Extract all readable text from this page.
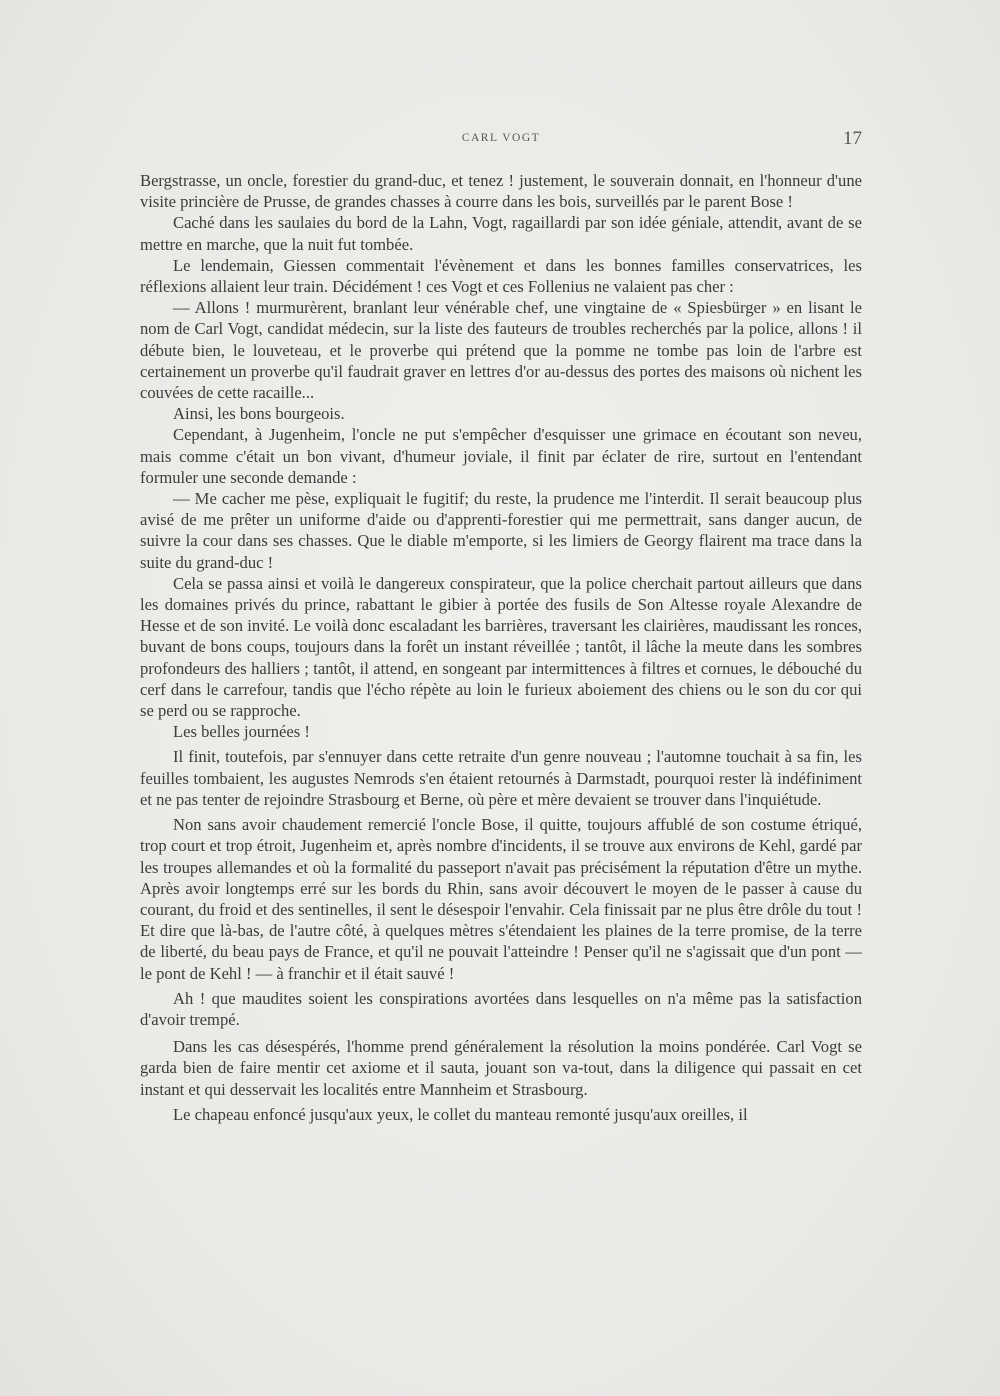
CARL VOGT	17

Bergstrasse, un oncle, forestier du grand-duc, et tenez ! justement, le souverain donnait, en l'honneur d'une visite princière de Prusse, de grandes chasses à courre dans les bois, surveillés par le parent Bose !

Caché dans les saulaies du bord de la Lahn, Vogt, ragaillardi par son idée géniale, attendit, avant de se mettre en marche, que la nuit fut tombée.

Le lendemain, Giessen commentait l'évènement et dans les bonnes familles conservatrices, les réflexions allaient leur train. Décidément ! ces Vogt et ces Follenius ne valaient pas cher :

— Allons ! murmurèrent, branlant leur vénérable chef, une vingtaine de « Spiesbürger » en lisant le nom de Carl Vogt, candidat médecin, sur la liste des fauteurs de troubles recherchés par la police, allons ! il débute bien, le louveteau, et le proverbe qui prétend que la pomme ne tombe pas loin de l'arbre est certainement un proverbe qu'il faudrait graver en lettres d'or au-dessus des portes des maisons où nichent les couvées de cette racaille...

Ainsi, les bons bourgeois.

Cependant, à Jugenheim, l'oncle ne put s'empêcher d'esquisser une grimace en écoutant son neveu, mais comme c'était un bon vivant, d'humeur joviale, il finit par éclater de rire, surtout en l'entendant formuler une seconde demande :

— Me cacher me pèse, expliquait le fugitif; du reste, la prudence me l'interdit. Il serait beaucoup plus avisé de me prêter un uniforme d'aide ou d'apprenti-forestier qui me permettrait, sans danger aucun, de suivre la cour dans ses chasses. Que le diable m'emporte, si les limiers de Georgy flairent ma trace dans la suite du grand-duc !

Cela se passa ainsi et voilà le dangereux conspirateur, que la police cherchait partout ailleurs que dans les domaines privés du prince, rabattant le gibier à portée des fusils de Son Altesse royale Alexandre de Hesse et de son invité. Le voilà donc escaladant les barrières, traversant les clairières, maudissant les ronces, buvant de bons coups, toujours dans la forêt un instant réveillée ; tantôt, il lâche la meute dans les sombres profondeurs des halliers ; tantôt, il attend, en songeant par intermittences à filtres et cornues, le débouché du cerf dans le carrefour, tandis que l'écho répète au loin le furieux aboiement des chiens ou le son du cor qui se perd ou se rapproche.

Les belles journées !

Il finit, toutefois, par s'ennuyer dans cette retraite d'un genre nouveau ; l'automne touchait à sa fin, les feuilles tombaient, les augustes Nemrods s'en étaient retournés à Darmstadt, pourquoi rester là indéfiniment et ne pas tenter de rejoindre Strasbourg et Berne, où père et mère devaient se trouver dans l'inquiétude.

Non sans avoir chaudement remercié l'oncle Bose, il quitte, toujours affublé de son costume étriqué, trop court et trop étroit, Jugenheim et, après nombre d'incidents, il se trouve aux environs de Kehl, gardé par les troupes allemandes et où la formalité du passeport n'avait pas précisément la réputation d'être un mythe. Après avoir longtemps erré sur les bords du Rhin, sans avoir découvert le moyen de le passer à cause du courant, du froid et des sentinelles, il sent le désespoir l'envahir. Cela finissait par ne plus être drôle du tout ! Et dire que là-bas, de l'autre côté, à quelques mètres s'étendaient les plaines de la terre promise, de la terre de liberté, du beau pays de France, et qu'il ne pouvait l'atteindre ! Penser qu'il ne s'agissait que d'un pont — le pont de Kehl ! — à franchir et il était sauvé !

Ah ! que maudites soient les conspirations avortées dans lesquelles on n'a même pas la satisfaction d'avoir trempé.

Dans les cas désespérés, l'homme prend généralement la résolution la moins pondérée. Carl Vogt se garda bien de faire mentir cet axiome et il sauta, jouant son va-tout, dans la diligence qui passait en cet instant et qui desservait les localités entre Mannheim et Strasbourg.

Le chapeau enfoncé jusqu'aux yeux, le collet du manteau remonté jusqu'aux oreilles, il
